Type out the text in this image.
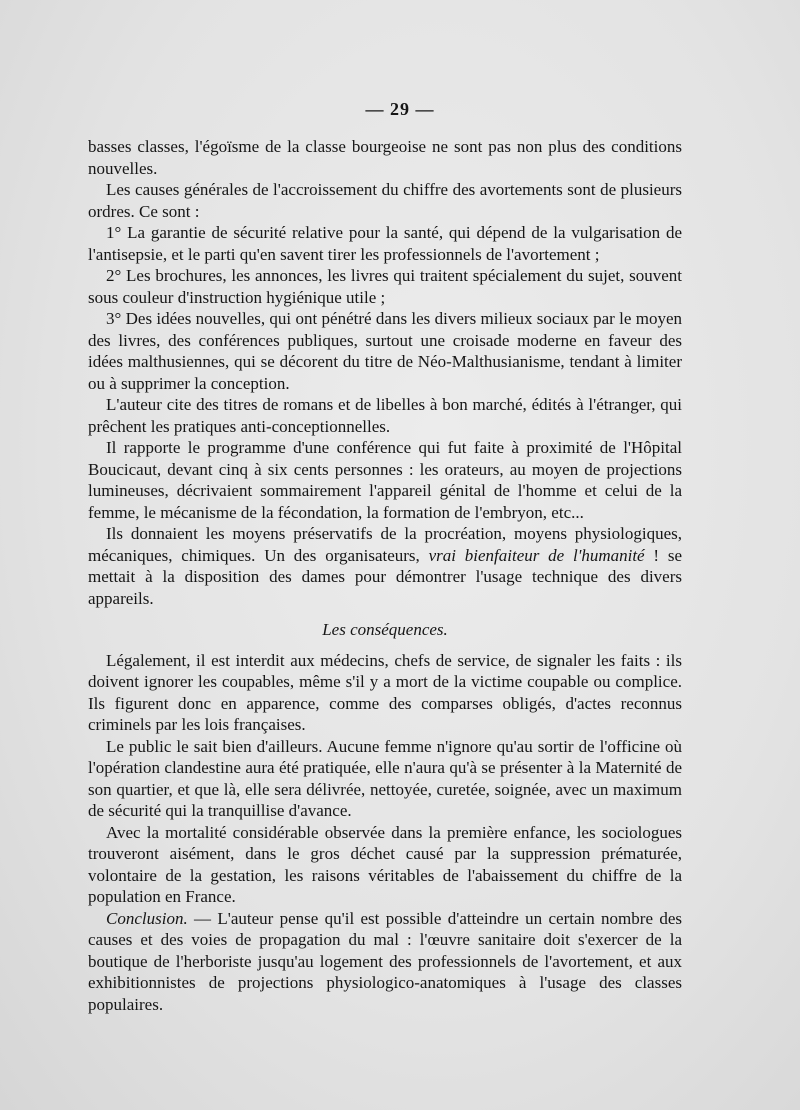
— 29 —
basses classes, l'égoïsme de la classe bourgeoise ne sont pas non plus des conditions nouvelles.
Les causes générales de l'accroissement du chiffre des avortements sont de plusieurs ordres. Ce sont :
1° La garantie de sécurité relative pour la santé, qui dépend de la vulgarisation de l'antisepsie, et le parti qu'en savent tirer les professionnels de l'avortement ;
2° Les brochures, les annonces, les livres qui traitent spécialement du sujet, souvent sous couleur d'instruction hygiénique utile ;
3° Des idées nouvelles, qui ont pénétré dans les divers milieux sociaux par le moyen des livres, des conférences publiques, surtout une croisade moderne en faveur des idées malthusiennes, qui se décorent du titre de Néo-Malthusianisme, tendant à limiter ou à supprimer la conception.
L'auteur cite des titres de romans et de libelles à bon marché, édités à l'étranger, qui prêchent les pratiques anti-conceptionnelles.
Il rapporte le programme d'une conférence qui fut faite à proximité de l'Hôpital Boucicaut, devant cinq à six cents personnes : les orateurs, au moyen de projections lumineuses, décrivaient sommairement l'appareil génital de l'homme et celui de la femme, le mécanisme de la fécondation, la formation de l'embryon, etc...
Ils donnaient les moyens préservatifs de la procréation, moyens physiologiques, mécaniques, chimiques. Un des organisateurs, vrai bienfaiteur de l'humanité ! se mettait à la disposition des dames pour démontrer l'usage technique des divers appareils.
Les conséquences.
Légalement, il est interdit aux médecins, chefs de service, de signaler les faits : ils doivent ignorer les coupables, même s'il y a mort de la victime coupable ou complice. Ils figurent donc en apparence, comme des comparses obligés, d'actes reconnus criminels par les lois françaises.
Le public le sait bien d'ailleurs. Aucune femme n'ignore qu'au sortir de l'officine où l'opération clandestine aura été pratiquée, elle n'aura qu'à se présenter à la Maternité de son quartier, et que là, elle sera délivrée, nettoyée, curetée, soignée, avec un maximum de sécurité qui la tranquillise d'avance.
Avec la mortalité considérable observée dans la première enfance, les sociologues trouveront aisément, dans le gros déchet causé par la suppression prématurée, volontaire de la gestation, les raisons véritables de l'abaissement du chiffre de la population en France.
Conclusion. — L'auteur pense qu'il est possible d'atteindre un certain nombre des causes et des voies de propagation du mal : l'œuvre sanitaire doit s'exercer de la boutique de l'herboriste jusqu'au logement des professionnels de l'avortement, et aux exhibitionnistes de projections physiologico-anatomiques à l'usage des classes populaires.
